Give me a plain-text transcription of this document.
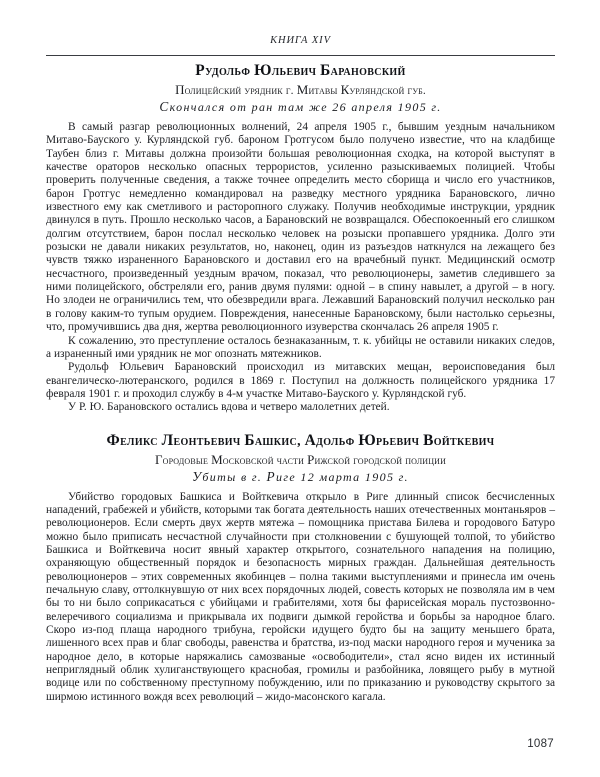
КНИГА XIV
Рудольф Юльевич Барановский
Полицейский урядник г. Митавы Курляндской губ.
Скончался от ран там же 26 апреля 1905 г.

В самый разгар революционных волнений, 24 апреля 1905 г., бывшим уездным начальником Митаво-Бауского у. Курляндской губ. бароном Гротгусом было получено известие, что на кладбище Таубен близ г. Митавы должна произойти большая революционная сходка, на которой выступят в качестве ораторов несколько опасных террористов, усиленно разыскиваемых полицией. Чтобы проверить полученные сведения, а также точнее определить место сборища и число его участников, барон Гротгус немедленно командировал на разведку местного урядника Барановского, лично известного ему как сметливого и расторопного служаку. Получив необходимые инструкции, урядник двинулся в путь. Прошло несколько часов, а Барановский не возвращался. Обеспокоенный его слишком долгим отсутствием, барон послал несколько человек на розыски пропавшего урядника. Долго эти розыски не давали никаких результатов, но, наконец, один из разъездов наткнулся на лежащего без чувств тяжко израненного Барановского и доставил его на врачебный пункт. Медицинский осмотр несчастного, произведенный уездным врачом, показал, что революционеры, заметив следившего за ними полицейского, обстреляли его, ранив двумя пулями: одной – в спину навылет, а другой – в ногу. Но злодеи не ограничились тем, что обезвредили врага. Лежавший Барановский получил несколько ран в голову каким-то тупым орудием. Повреждения, нанесенные Барановскому, были настолько серьезны, что, промучившись два дня, жертва революционного изуверства скончалась 26 апреля 1905 г.

К сожалению, это преступление осталось безнаказанным, т. к. убийцы не оставили никаких следов, а израненный ими урядник не мог опознать мятежников.

Рудольф Юльевич Барановский происходил из митавских мещан, вероисповедания был евангелическо-лютеранского, родился в 1869 г. Поступил на должность полицейского урядника 17 февраля 1901 г. и проходил службу в 4-м участке Митаво-Бауского у. Курляндской губ.

У Р. Ю. Барановского остались вдова и четверо малолетних детей.

Феликс Леонтьевич Башкис, Адольф Юрьевич Войткевич
Городовые Московской части Рижской городской полиции
Убиты в г. Риге 12 марта 1905 г.

Убийство городовых Башкиса и Войткевича открыло в Риге длинный список бесчисленных нападений, грабежей и убийств, которыми так богата деятельность наших отечественных монтаньяров – революционеров. Если смерть двух жертв мятежа – помощника пристава Билева и городового Батуро можно было приписать несчастной случайности при столкновении с бушующей толпой, то убийство Башкиса и Войткевича носит явный характер открытого, сознательного нападения на полицию, охраняющую общественный порядок и безопасность мирных граждан. Дальнейшая деятельность революционеров – этих современных якобинцев – полна такими выступлениями и принесла им очень печальную славу, оттолкнувшую от них всех порядочных людей, совесть которых не позволяла им в чем бы то ни было соприкасаться с убийцами и грабителями, хотя бы фарисейская мораль пустозвонно-велеречивого социализма и прикрывала их подвиги дымкой геройства и борьбы за народное благо. Скоро из-под плаща народного трибуна, геройски идущего будто бы на защиту меньшего брата, лишенного всех прав и благ свободы, равенства и братства, из-под маски народного героя и мученика за народное дело, в которые наряжались самозваные «освободители», стал ясно виден их истинный неприглядный облик хулиганствующего краснобая, громилы и разбойника, ловящего рыбу в мутной водице или по собственному преступному побуждению, или по приказанию и руководству скрытого за ширмою истинного вождя всех революций – жидо-масонского кагала.

1087
